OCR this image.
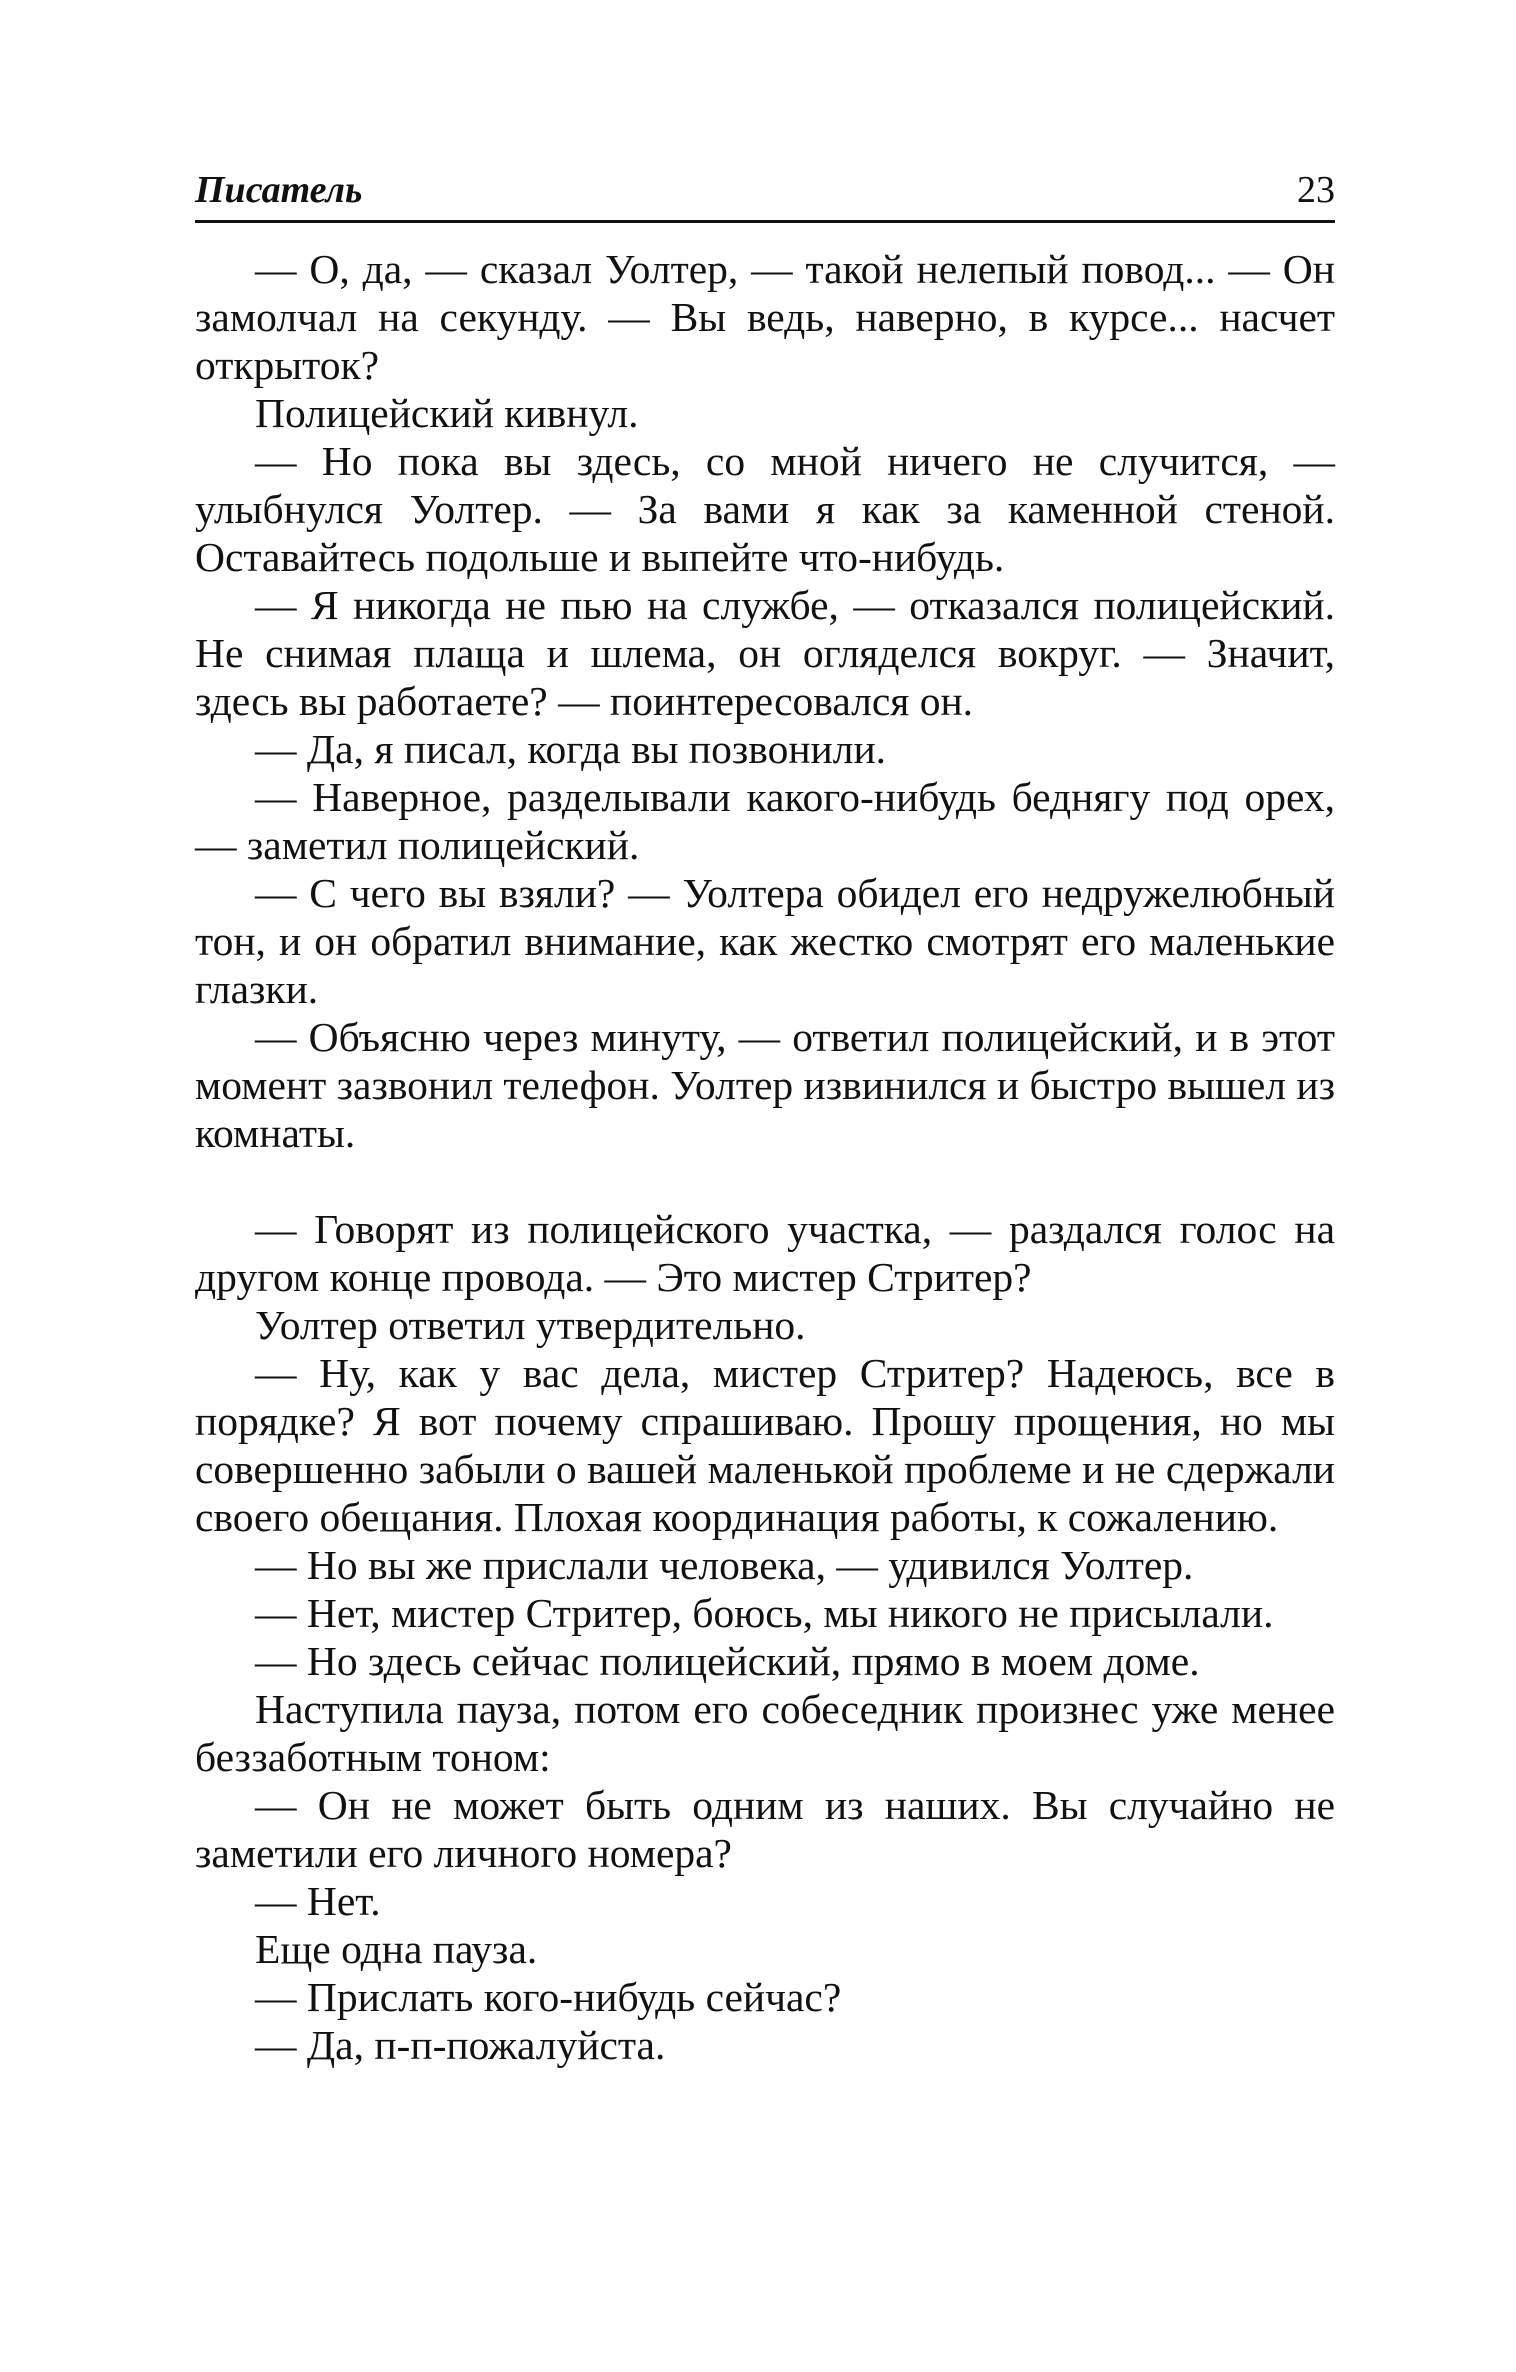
Писатель	23

— О, да, — сказал Уолтер, — такой нелепый повод... — Он замолчал на секунду. — Вы ведь, наверно, в курсе... насчет открыток?

Полицейский кивнул.

— Но пока вы здесь, со мной ничего не случится, — улыбнулся Уолтер. — За вами я как за каменной стеной. Оставайтесь подольше и выпейте что-нибудь.

— Я никогда не пью на службе, — отказался полицейский. Не снимая плаща и шлема, он огляделся вокруг. — Значит, здесь вы работаете? — поинтересовался он.

— Да, я писал, когда вы позвонили.

— Наверное, разделывали какого-нибудь беднягу под орех, — заметил полицейский.

— С чего вы взяли? — Уолтера обидел его недружелюбный тон, и он обратил внимание, как жестко смотрят его маленькие глазки.

— Объясню через минуту, — ответил полицейский, и в этот момент зазвонил телефон. Уолтер извинился и быстро вышел из комнаты.

— Говорят из полицейского участка, — раздался голос на другом конце провода. — Это мистер Стритер?

Уолтер ответил утвердительно.

— Ну, как у вас дела, мистер Стритер? Надеюсь, все в порядке? Я вот почему спрашиваю. Прошу прощения, но мы совершенно забыли о вашей маленькой проблеме и не сдержали своего обещания. Плохая координация работы, к сожалению.

— Но вы же прислали человека, — удивился Уолтер.

— Нет, мистер Стритер, боюсь, мы никого не присылали.

— Но здесь сейчас полицейский, прямо в моем доме.

Наступила пауза, потом его собеседник произнес уже менее беззаботным тоном:

— Он не может быть одним из наших. Вы случайно не заметили его личного номера?

— Нет.

Еще одна пауза.

— Прислать кого-нибудь сейчас?

— Да, п-п-пожалуйста.
